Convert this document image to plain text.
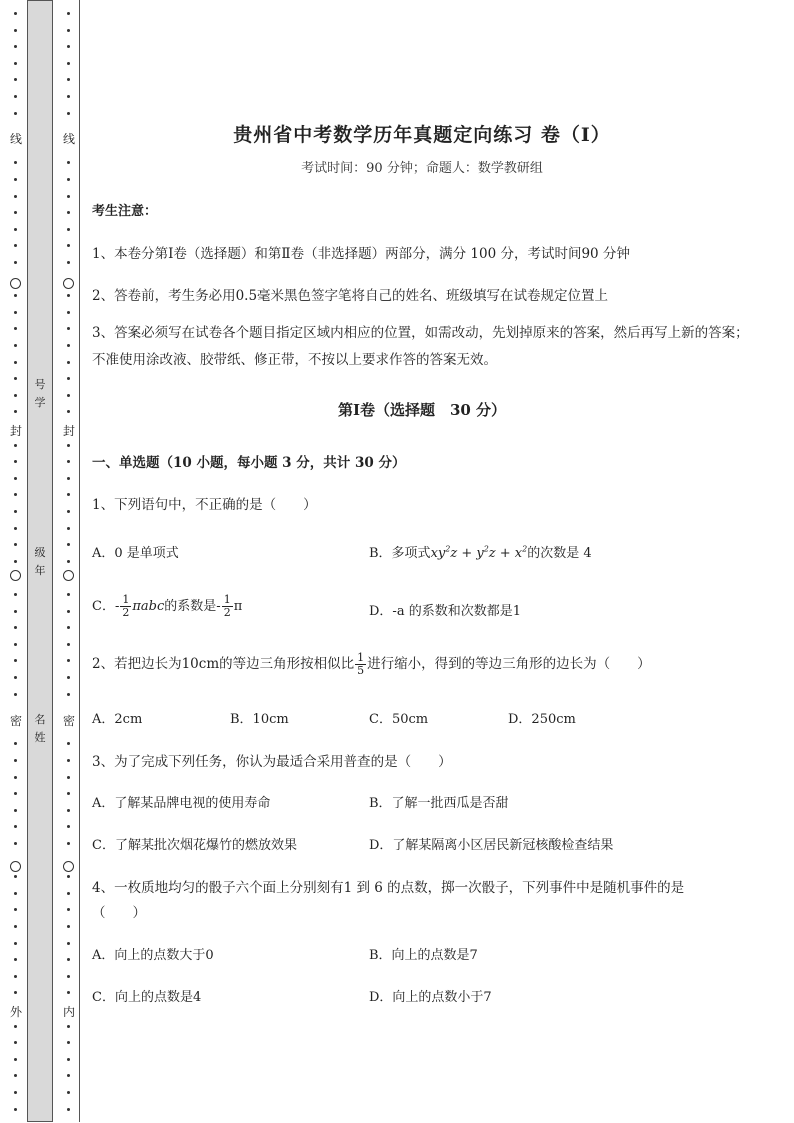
线
封
密
外
号
学
级
年
名
姓
线
封
密
内
贵州省中考数学历年真题定向练习 卷（Ⅰ）
考试时间：90 分钟；命题人：数学教研组
考生注意：
1、本卷分第Ⅰ卷（选择题）和第Ⅱ卷（非选择题）两部分，满分 100 分，考试时间90 分钟
2、答卷前，考生务必用0.5毫米黑色签字笔将自己的姓名、班级填写在试卷规定位置上
3、答案必须写在试卷各个题目指定区域内相应的位置，如需改动，先划掉原来的答案，然后再写上新的答案；不准使用涂改液、胶带纸、修正带，不按以上要求作答的答案无效。
第Ⅰ卷（选择题　30 分）
一、单选题（10 小题，每小题 3 分，共计 30 分）
1、下列语句中，不正确的是（　　）
A．0 是单项式	B．多项式$xy^2z + y^2z + x^2$的次数是 4
C．- $\frac{1}{2}$ πabc的系数是- $\frac{1}{2}$ π	D．-a 的系数和次数都是1
2、若把边长为10cm的等边三角形按相似比 $\frac{1}{5}$ 进行缩小，得到的等边三角形的边长为（　　）
A．2cm	B．10cm	C．50cm	D．250cm
3、为了完成下列任务，你认为最适合采用普查的是（　　）
A．了解某品牌电视的使用寿命	B．了解一批西瓜是否甜
C．了解某批次烟花爆竹的燃放效果	D．了解某隔离小区居民新冠核酸检查结果
4、一枚质地均匀的骰子六个面上分别刻有1 到 6 的点数，掷一次骰子，下列事件中是随机事件的是
（　　）
A．向上的点数大于0	B．向上的点数是7
C．向上的点数是4	D．向上的点数小于7
